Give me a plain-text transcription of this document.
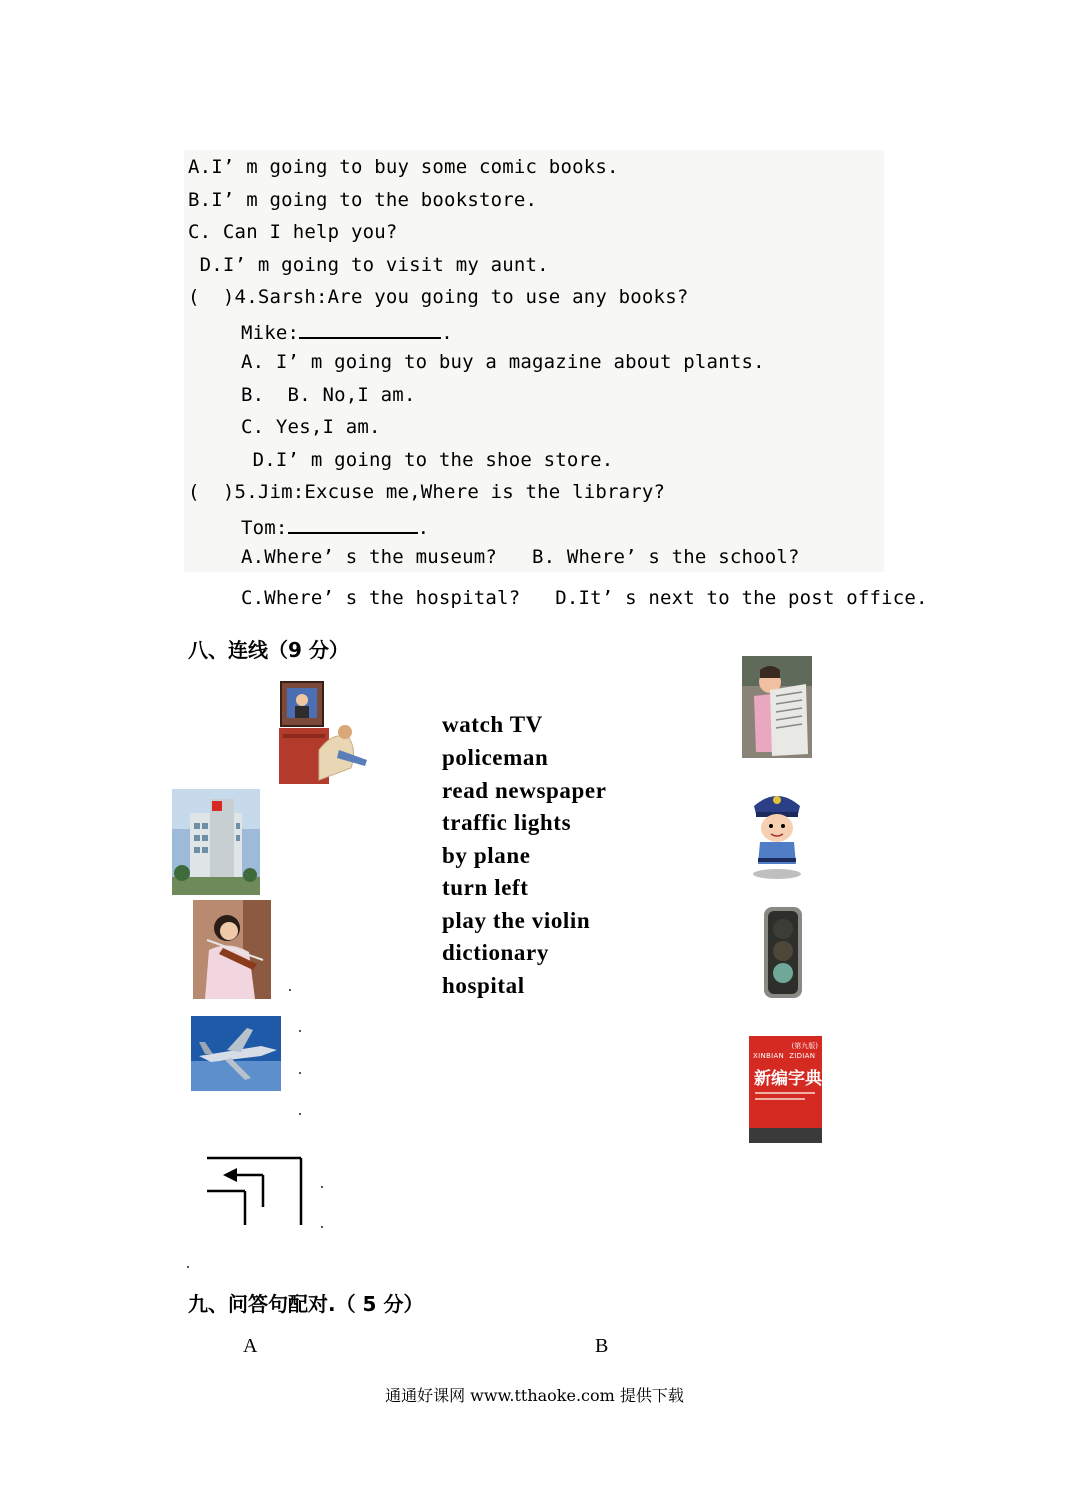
A.I’ m going to buy some comic books.
B.I’ m going to the bookstore.
C. Can I help you?
D.I’ m going to visit my aunt.
(  )4.Sarsh:Are you going to use any books?
Mike:	.
A. I’ m going to buy a magazine about plants.
B.  B. No,I am.
C. Yes,I am.
D.I’ m going to the shoe store.
(  )5.Jim:Excuse me,Where is the library?
Tom:	.
A.Where’ s the museum?   B. Where’ s the school?
C.Where’ s the hospital?   D.It’ s next to the post office.
八、连线（9 分）
watch TV
policeman
read newspaper
traffic lights
by plane
turn left
play the violin
dictionary
hospital
(第九版)
XINBIAN  ZIDIAN
新编字典
九、问答句配对.（ 5 分）
A	B
通通好课网 www.tthaoke.com 提供下载
